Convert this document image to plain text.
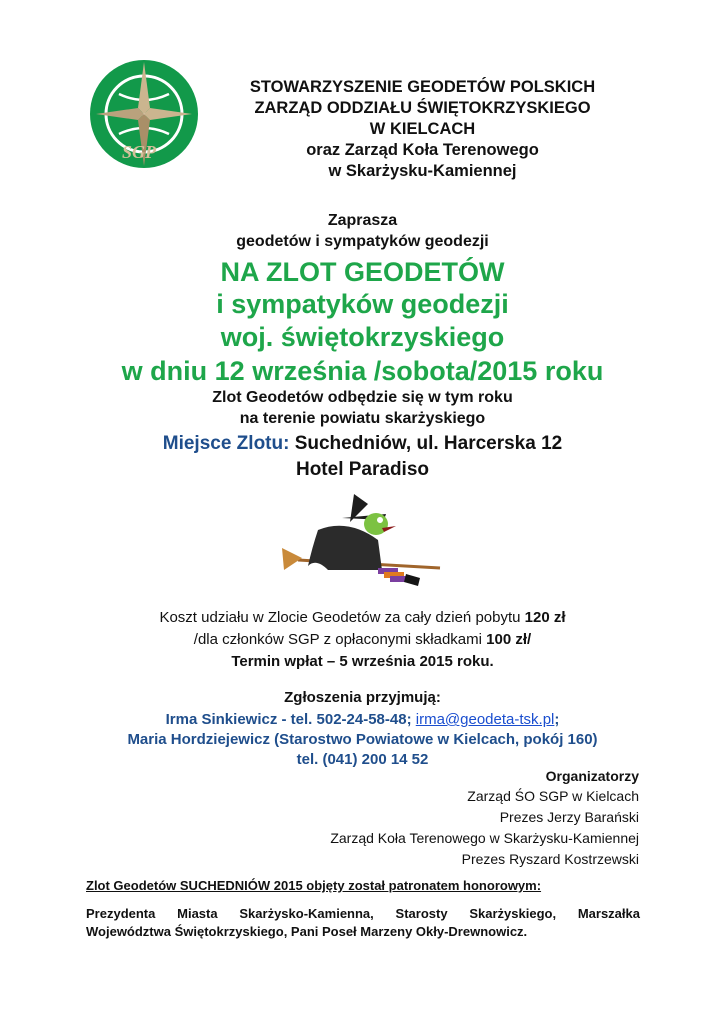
SGP
STOWARZYSZENIE GEODETÓW POLSKICH
ZARZĄD ODDZIAŁU ŚWIĘTOKRZYSKIEGO
W KIELCACH
oraz Zarząd Koła Terenowego
w Skarżysku-Kamiennej
Zaprasza
geodetów i sympatyków geodezji
NA ZLOT GEODETÓW
i sympatyków geodezji
woj. świętokrzyskiego
w dniu 12 września /sobota/2015 roku
Zlot Geodetów odbędzie się w tym roku
na terenie powiatu skarżyskiego
Miejsce Zlotu: Suchedniów, ul. Harcerska 12
Hotel Paradiso
Koszt udziału w Zlocie Geodetów za cały dzień pobytu 120 zł
/dla członków SGP z opłaconymi składkami 100 zł/
Termin wpłat – 5 września 2015 roku.
Zgłoszenia przyjmują:
Irma Sinkiewicz - tel. 502-24-58-48; irma@geodeta-tsk.pl;
Maria Hordziejewicz (Starostwo Powiatowe w Kielcach, pokój 160)
tel. (041) 200 14 52
Organizatorzy
Zarząd ŚO SGP w Kielcach
Prezes Jerzy Barański
Zarząd Koła Terenowego w Skarżysku-Kamiennej
Prezes Ryszard Kostrzewski
Zlot Geodetów SUCHEDNIÓW 2015 objęty został patronatem honorowym:
Prezydenta Miasta Skarżysko-Kamienna, Starosty Skarżyskiego, Marszałka
Województwa Świętokrzyskiego, Pani Poseł Marzeny Okły-Drewnowicz.
